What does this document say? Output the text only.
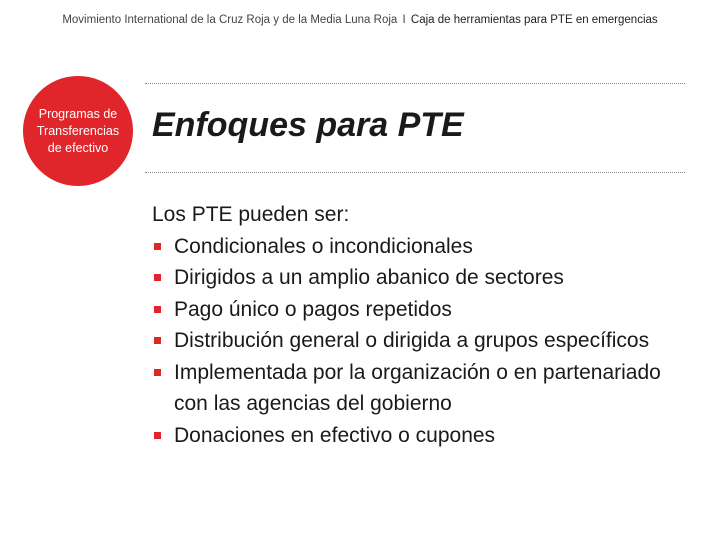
Movimiento International de la Cruz Roja y de la Media Luna Roja I Caja de herramientas para PTE en emergencias
Programas de
Transferencias
de efectivo
Enfoques para PTE

Los PTE pueden ser:

Condicionales o incondicionales
Dirigidos a un amplio abanico de sectores
Pago único o pagos repetidos
Distribución general o dirigida a grupos específicos
Implementada por la organización o en partenariado con las agencias del gobierno
Donaciones en efectivo o cupones
